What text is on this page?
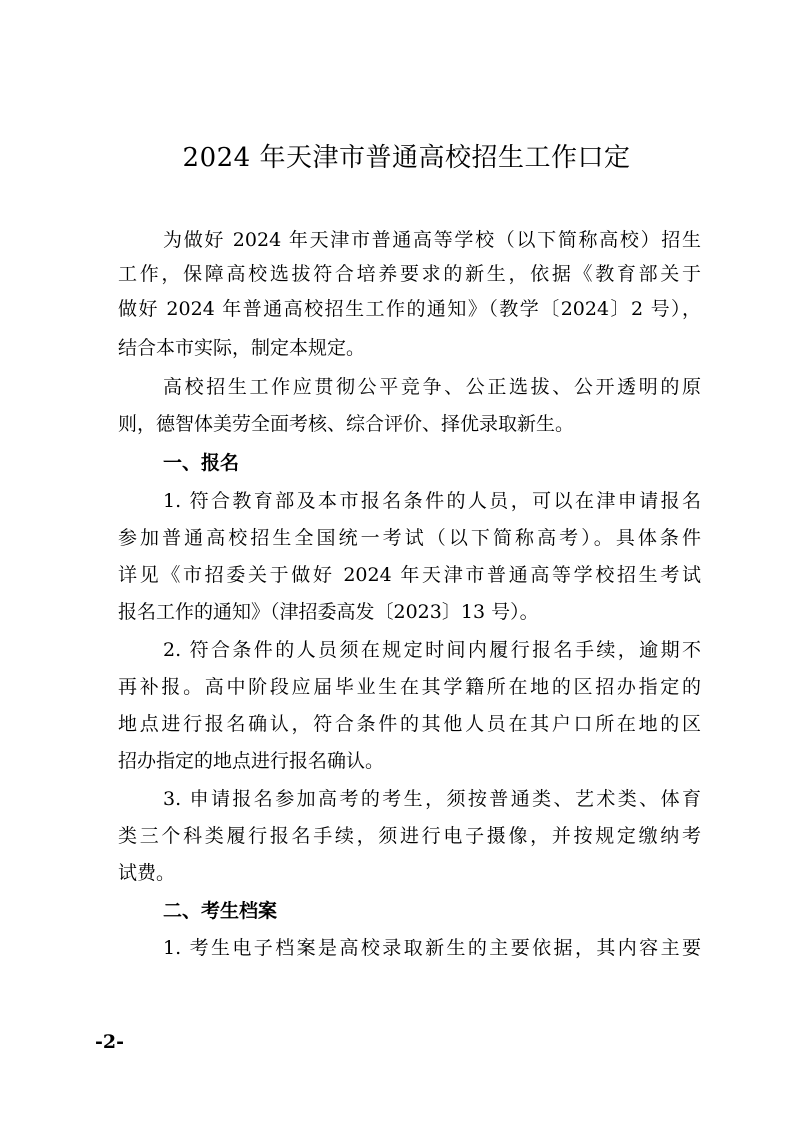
2024 年天津市普通高校招生工作口定
为做好 2024 年天津市普通高等学校（以下简称高校）招生
工作，保障高校选拔符合培养要求的新生，依据《教育部关于
做好 2024 年普通高校招生工作的通知》（教学〔2024〕2 号），
结合本市实际，制定本规定。
高校招生工作应贯彻公平竞争、公正选拔、公开透明的原
则，德智体美劳全面考核、综合评价、择优录取新生。
一、报名
1. 符合教育部及本市报名条件的人员，可以在津申请报名
参加普通高校招生全国统一考试（以下简称高考）。具体条件
详见《市招委关于做好 2024 年天津市普通高等学校招生考试
报名工作的通知》（津招委高发〔2023〕13 号）。
2. 符合条件的人员须在规定时间内履行报名手续，逾期不
再补报。高中阶段应届毕业生在其学籍所在地的区招办指定的
地点进行报名确认，符合条件的其他人员在其户口所在地的区
招办指定的地点进行报名确认。
3. 申请报名参加高考的考生，须按普通类、艺术类、体育
类三个科类履行报名手续，须进行电子摄像，并按规定缴纳考
试费。
二、考生档案
1. 考生电子档案是高校录取新生的主要依据，其内容主要
-2-
